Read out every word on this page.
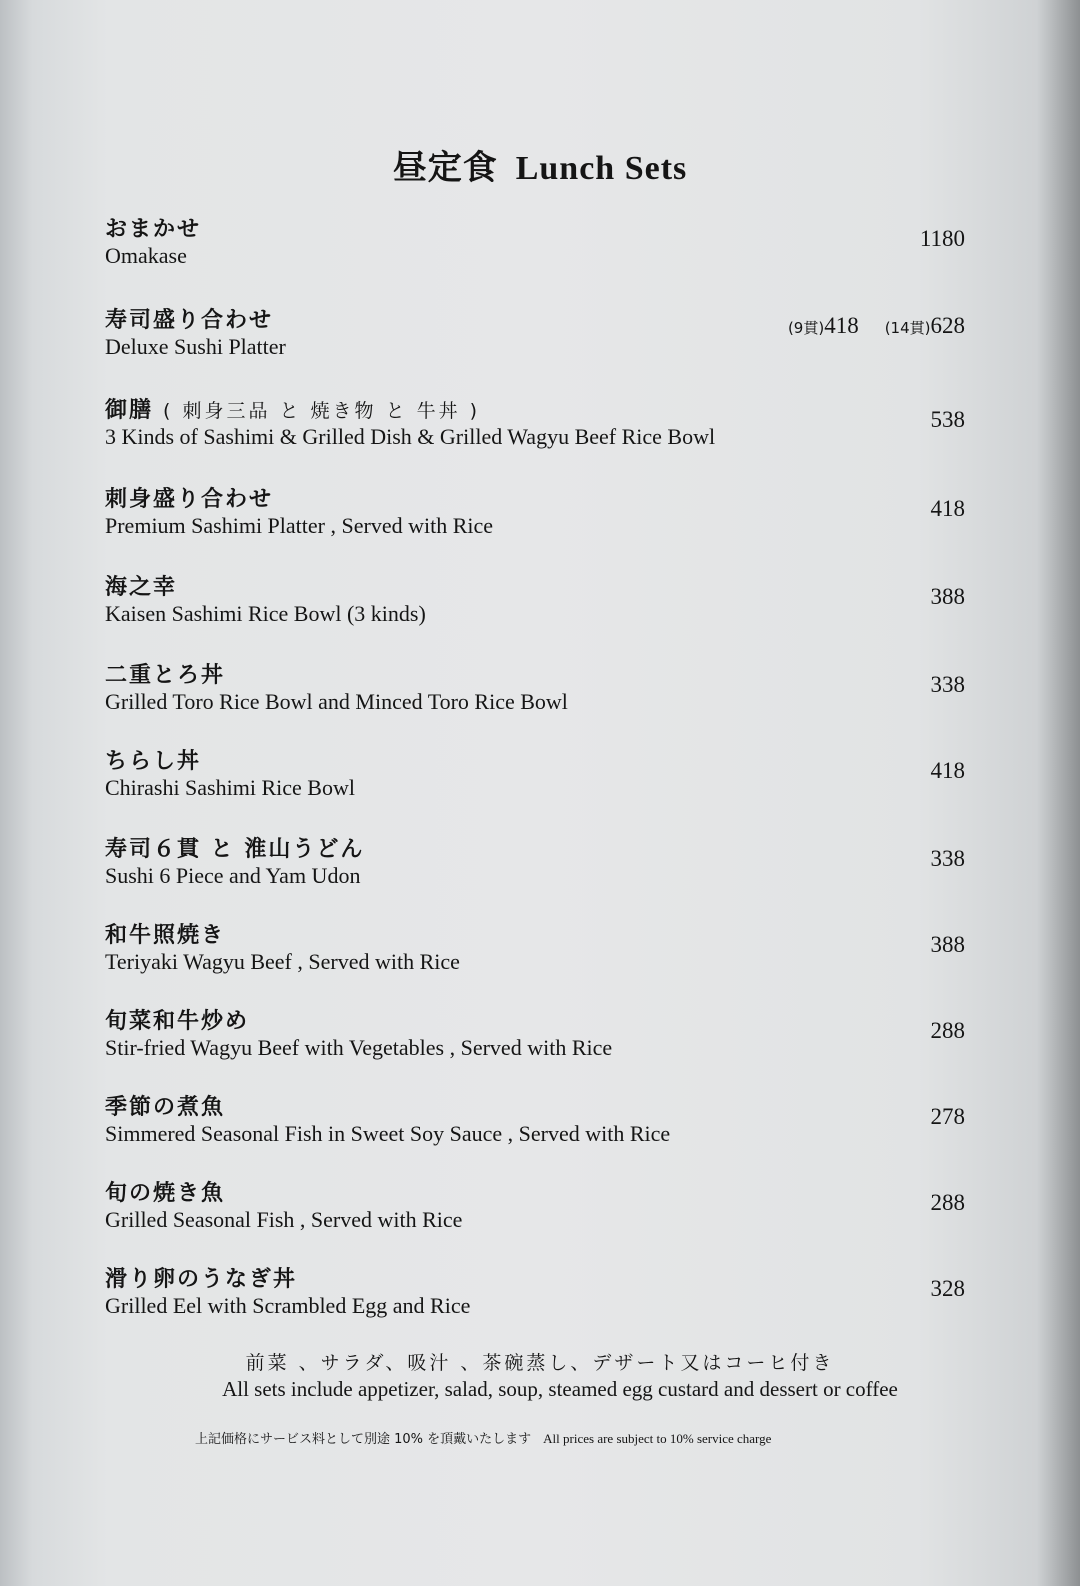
昼定食 Lunch Sets
おまかせ
Omakase
1180
寿司盛り合わせ
Deluxe Sushi Platter
(9貫)418 (14貫)628
御膳 ( 刺身三品 と 焼き物 と 牛丼 )
3 Kinds of Sashimi & Grilled Dish & Grilled Wagyu Beef Rice Bowl
538
刺身盛り合わせ
Premium Sashimi Platter , Served with Rice
418
海之幸
Kaisen Sashimi Rice Bowl (3 kinds)
388
二重とろ丼
Grilled Toro Rice Bowl and Minced Toro Rice Bowl
338
ちらし丼
Chirashi Sashimi Rice Bowl
418
寿司６貫 と 淮山うどん
Sushi 6 Piece and Yam Udon
338
和牛照焼き
Teriyaki Wagyu Beef , Served with Rice
388
旬菜和牛炒め
Stir-fried Wagyu Beef with Vegetables , Served with Rice
288
季節の煮魚
Simmered Seasonal Fish in Sweet Soy Sauce , Served with Rice
278
旬の焼き魚
Grilled Seasonal Fish , Served with Rice
288
滑り卵のうなぎ丼
Grilled Eel with Scrambled Egg and Rice
328
前菜 、サラダ、吸汁 、茶碗蒸し、デザート又はコーヒ付き
All sets include appetizer, salad, soup, steamed egg custard and dessert or coffee
上記価格にサービス料として別途 10% を頂戴いたします All prices are subject to 10% service charge
